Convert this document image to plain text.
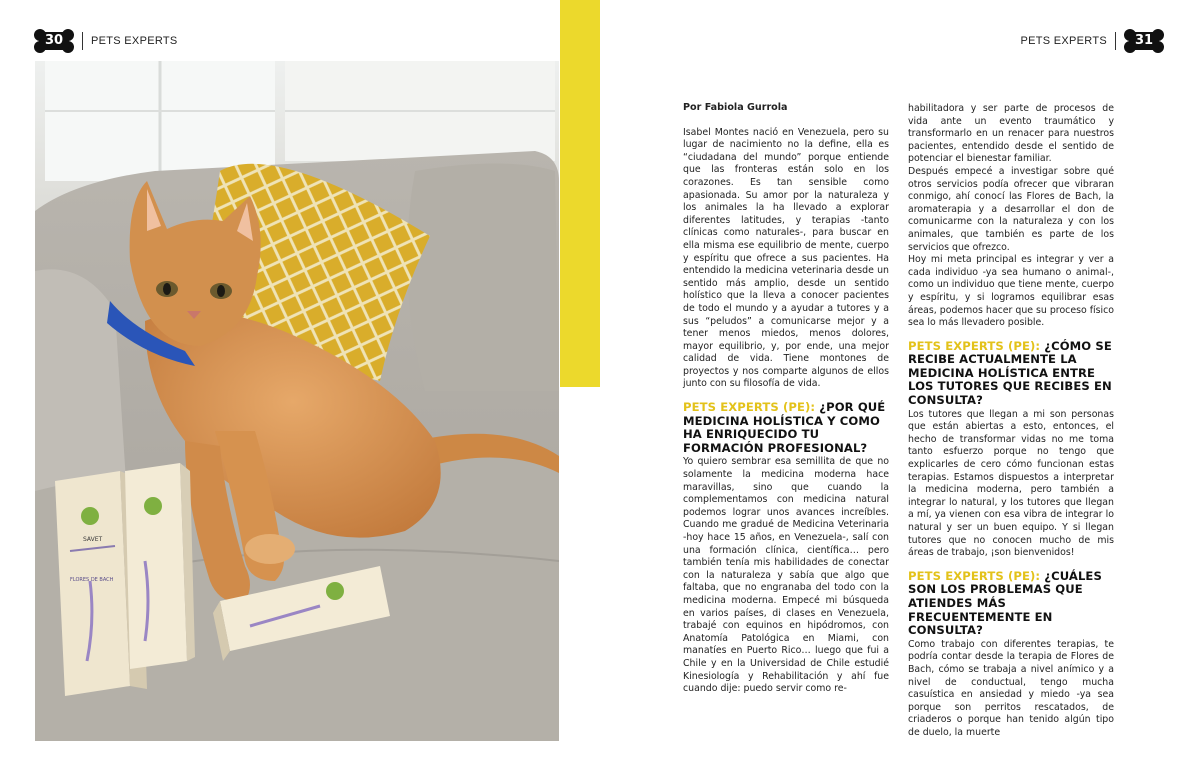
30	PETS EXPERTS	PETS EXPERTS	31
SAVET
FLORES DE BACH
Por Fabiola Gurrola

Isabel Montes nació en Venezuela, pero su lugar de nacimiento no la define, ella es “ciudadana del mundo” porque entiende que las fronteras están solo en los corazones. Es tan sensible como apasionada. Su amor por la naturaleza y los animales la ha llevado a explorar diferentes latitudes, y terapias -tanto clínicas como naturales-, para buscar en ella misma ese equilibrio de mente, cuerpo y espíritu que ofrece a sus pacientes. Ha entendido la medicina veterinaria desde un sentido más amplio, desde un sentido holístico que la lleva a conocer pacientes de todo el mundo y a ayudar a tutores y a sus “peludos” a comunicarse mejor y a tener menos miedos, menos dolores, mayor equilibrio, y, por ende, una mejor calidad de vida. Tiene montones de proyectos y nos comparte algunos de ellos junto con su filosofía de vida.

PETS EXPERTS (PE): ¿POR QUÉ MEDICINA HOLÍSTICA Y COMO HA ENRIQUECIDO TU FORMACIÓN PROFESIONAL?

Yo quiero sembrar esa semillita de que no solamente la medicina moderna hace maravillas, sino que cuando la complementamos con medicina natural podemos lograr unos avances increíbles. Cuando me gradué de Medicina Veterinaria -hoy hace 15 años, en Venezuela-, salí con una formación clínica, científica… pero también tenía mis habilidades de conectar con la naturaleza y sabía que algo que faltaba, que no engranaba del todo con la medicina moderna. Empecé mi búsqueda en varios países, di clases en Venezuela, trabajé con equinos en hipódromos, con Anatomía Patológica en Miami, con manatíes en Puerto Rico… luego que fui a Chile y en la Universidad de Chile estudié Kinesiología y Rehabilitación y ahí fue cuando dije: puedo servir como re-

habilitadora y ser parte de procesos de vida ante un evento traumático y transformarlo en un renacer para nuestros pacientes, entendido desde el sentido de potenciar el bienestar familiar.

Después empecé a investigar sobre qué otros servicios podía ofrecer que vibraran conmigo, ahí conocí las Flores de Bach, la aromaterapia y a desarrollar el don de comunicarme con la naturaleza y con los animales, que también es parte de los servicios que ofrezco.

Hoy mi meta principal es integrar y ver a cada individuo -ya sea humano o animal-, como un individuo que tiene mente, cuerpo y espíritu, y si logramos equilibrar esas áreas, podemos hacer que su proceso físico sea lo más llevadero posible.

PETS EXPERTS (PE): ¿CÓMO SE RECIBE ACTUALMENTE LA MEDICINA HOLÍSTICA ENTRE LOS TUTORES QUE RECIBES EN CONSULTA?

Los tutores que llegan a mi son personas que están abiertas a esto, entonces, el hecho de transformar vidas no me toma tanto esfuerzo porque no tengo que explicarles de cero cómo funcionan estas terapias. Estamos dispuestos a interpretar la medicina moderna, pero también a integrar lo natural, y los tutores que llegan a mí, ya vienen con esa vibra de integrar lo natural y ser un buen equipo. Y si llegan tutores que no conocen mucho de mis áreas de trabajo, ¡son bienvenidos!

PETS EXPERTS (PE): ¿CUÁLES SON LOS PROBLEMAS QUE ATIENDES MÁS FRECUENTEMENTE EN CONSULTA?

Como trabajo con diferentes terapias, te podría contar desde la terapia de Flores de Bach, cómo se trabaja a nivel anímico y a nivel de conductual, tengo mucha casuística en ansiedad y miedo -ya sea porque son perritos rescatados, de criaderos o porque han tenido algún tipo de duelo, la muerte
